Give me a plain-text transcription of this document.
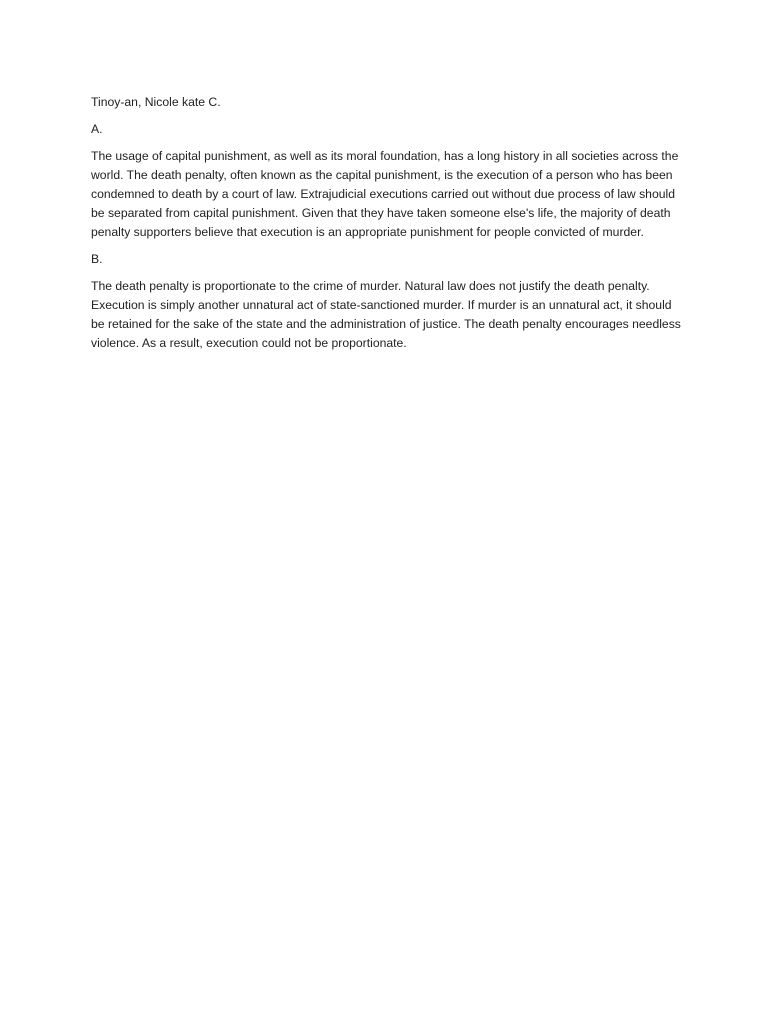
Tinoy-an, Nicole kate C.

A.

The usage of capital punishment, as well as its moral foundation, has a long history in all societies across the world. The death penalty, often known as the capital punishment, is the execution of a person who has been condemned to death by a court of law. Extrajudicial executions carried out without due process of law should be separated from capital punishment. Given that they have taken someone else's life, the majority of death penalty supporters believe that execution is an appropriate punishment for people convicted of murder.

B.

The death penalty is proportionate to the crime of murder. Natural law does not justify the death penalty. Execution is simply another unnatural act of state-sanctioned murder. If murder is an unnatural act, it should be retained for the sake of the state and the administration of justice. The death penalty encourages needless violence. As a result, execution could not be proportionate.
